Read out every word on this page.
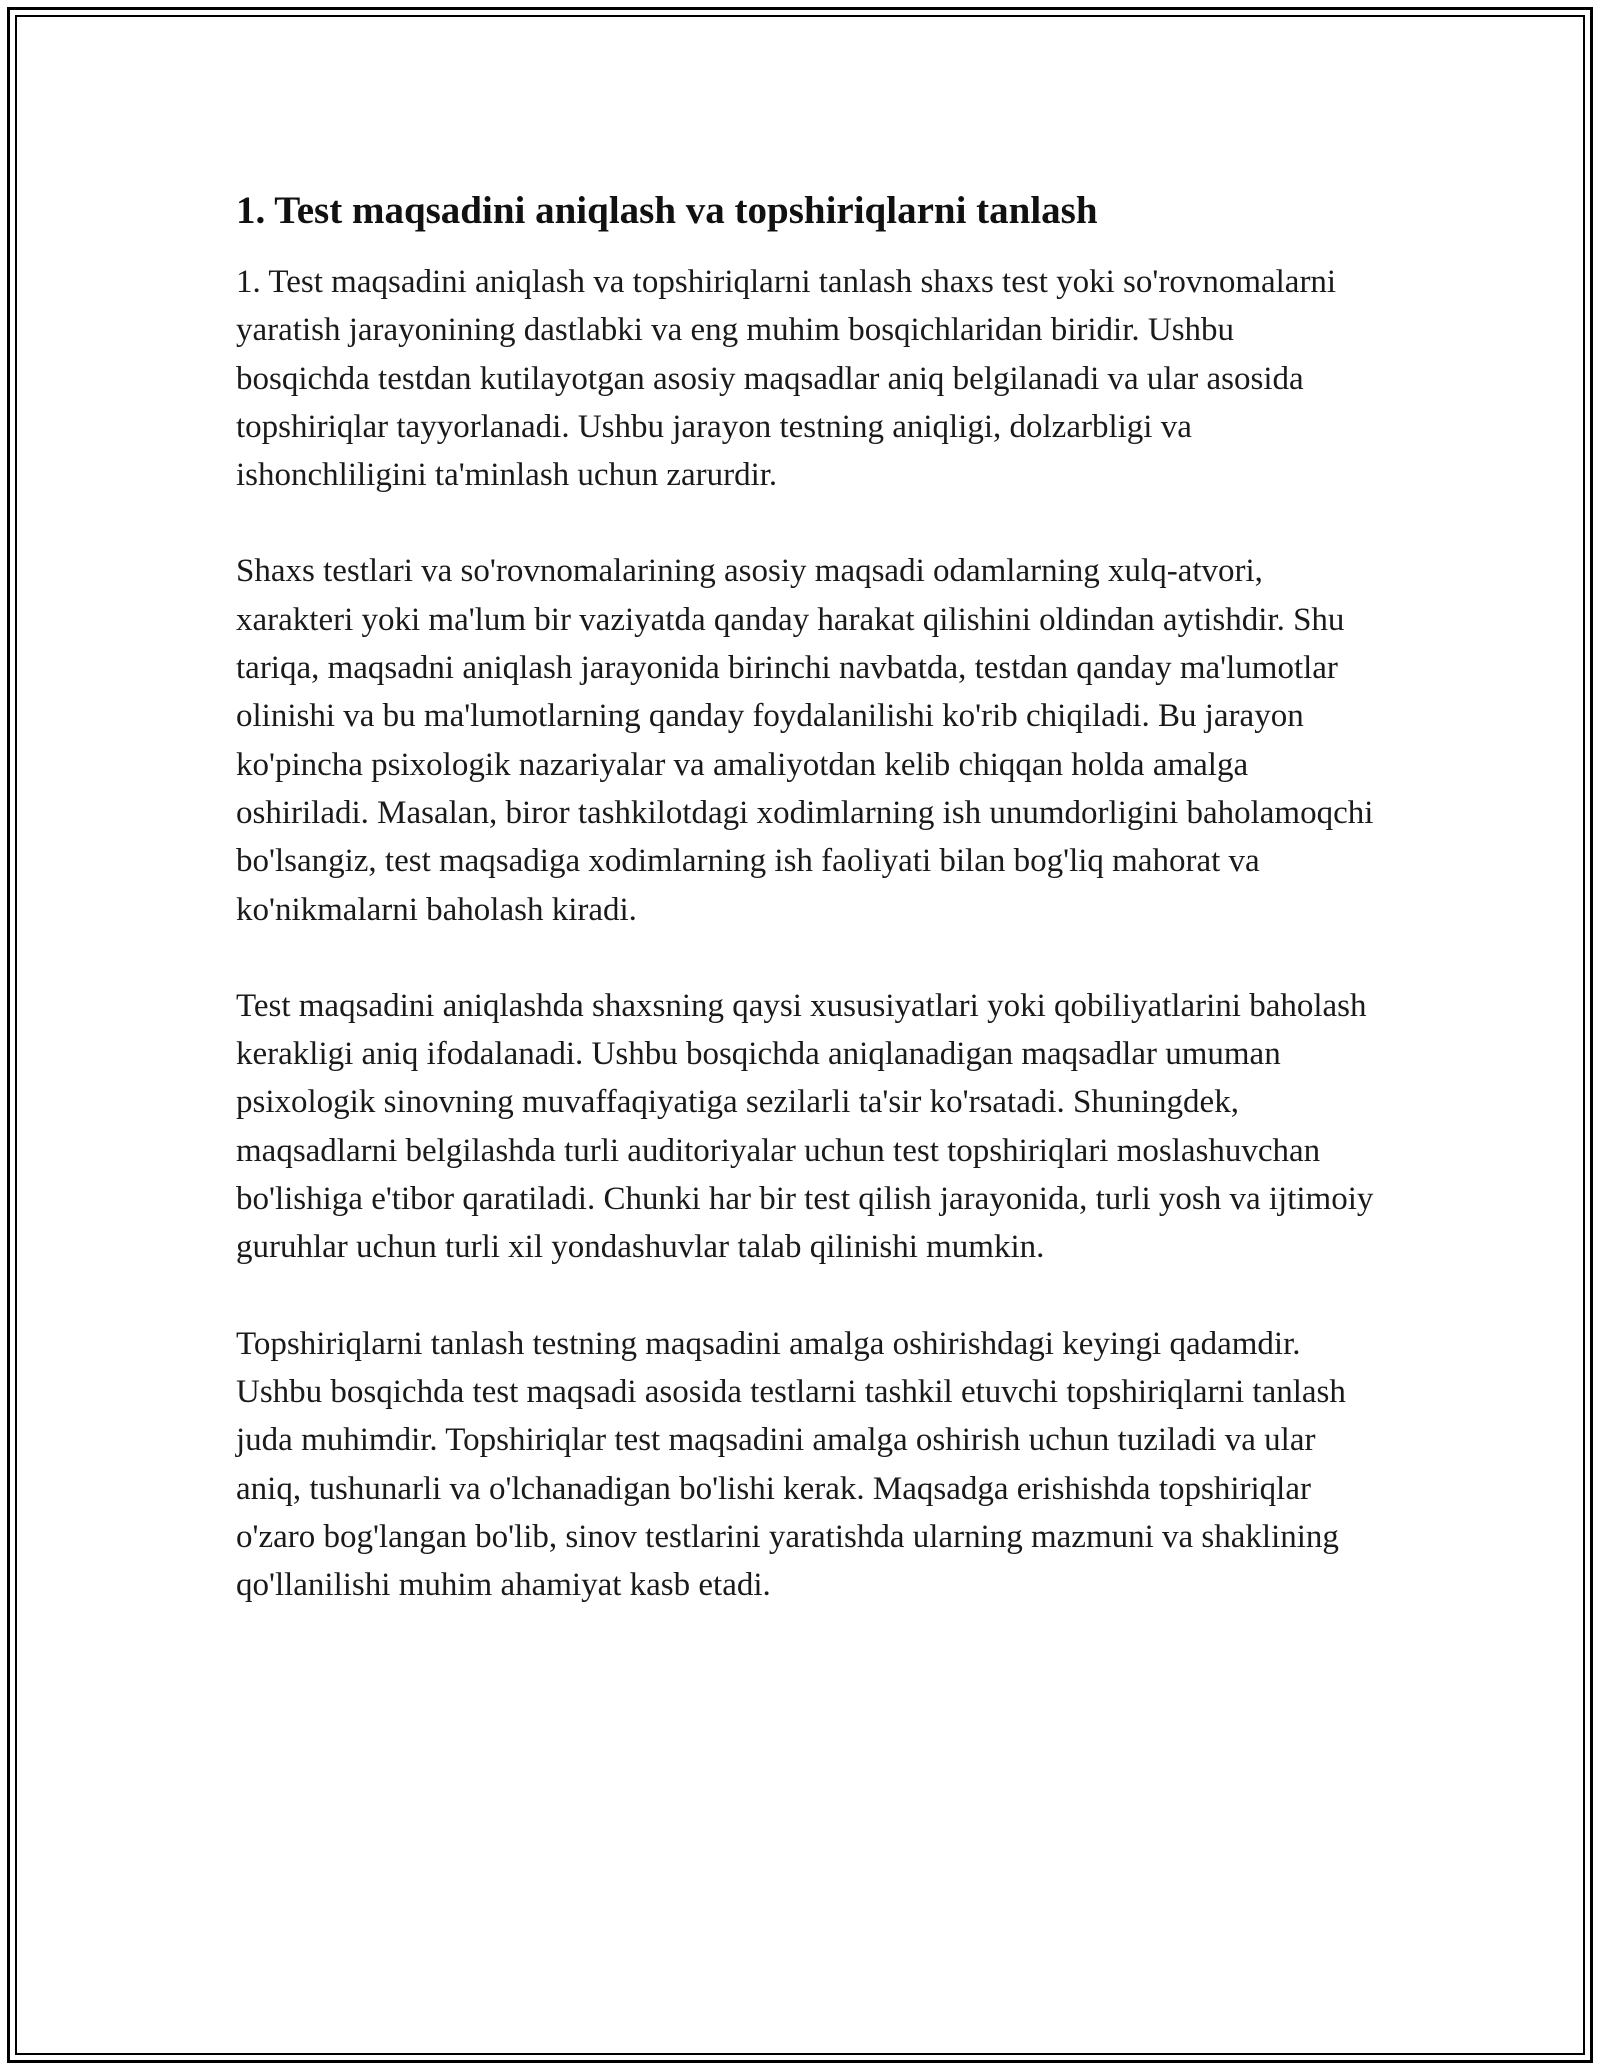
1. Test maqsadini aniqlash va topshiriqlarni tanlash

1. Test maqsadini aniqlash va topshiriqlarni tanlash shaxs test yoki so'rovnomalarni yaratish jarayonining dastlabki va eng muhim bosqichlaridan biridir. Ushbu bosqichda testdan kutilayotgan asosiy maqsadlar aniq belgilanadi va ular asosida topshiriqlar tayyorlanadi. Ushbu jarayon testning aniqligi, dolzarbligi va ishonchliligini ta'minlash uchun zarurdir.

Shaxs testlari va so'rovnomalarining asosiy maqsadi odamlarning xulq-atvori, xarakteri yoki ma'lum bir vaziyatda qanday harakat qilishini oldindan aytishdir. Shu tariqa, maqsadni aniqlash jarayonida birinchi navbatda, testdan qanday ma'lumotlar olinishi va bu ma'lumotlarning qanday foydalanilishi ko'rib chiqiladi. Bu jarayon ko'pincha psixologik nazariyalar va amaliyotdan kelib chiqqan holda amalga oshiriladi. Masalan, biror tashkilotdagi xodimlarning ish unumdorligini baholamoqchi bo'lsangiz, test maqsadiga xodimlarning ish faoliyati bilan bog'liq mahorat va ko'nikmalarni baholash kiradi.

Test maqsadini aniqlashda shaxsning qaysi xususiyatlari yoki qobiliyatlarini baholash kerakligi aniq ifodalanadi. Ushbu bosqichda aniqlanadigan maqsadlar umuman psixologik sinovning muvaffaqiyatiga sezilarli ta'sir ko'rsatadi. Shuningdek, maqsadlarni belgilashda turli auditoriyalar uchun test topshiriqlari moslashuvchan bo'lishiga e'tibor qaratiladi. Chunki har bir test qilish jarayonida, turli yosh va ijtimoiy guruhlar uchun turli xil yondashuvlar talab qilinishi mumkin.

Topshiriqlarni tanlash testning maqsadini amalga oshirishdagi keyingi qadamdir. Ushbu bosqichda test maqsadi asosida testlarni tashkil etuvchi topshiriqlarni tanlash juda muhimdir. Topshiriqlar test maqsadini amalga oshirish uchun tuziladi va ular aniq, tushunarli va o'lchanadigan bo'lishi kerak. Maqsadga erishishda topshiriqlar o'zaro bog'langan bo'lib, sinov testlarini yaratishda ularning mazmuni va shaklining qo'llanilishi muhim ahamiyat kasb etadi.
